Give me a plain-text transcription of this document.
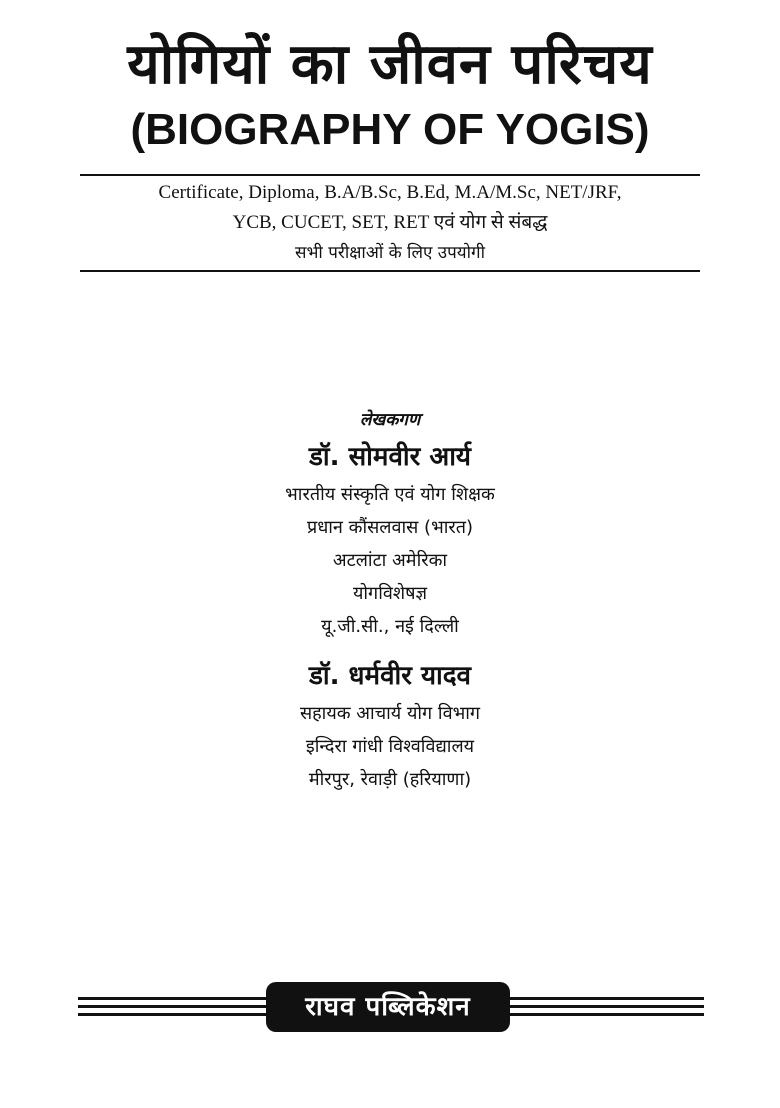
योगियों का जीवन परिचय
(BIOGRAPHY OF YOGIS)
Certificate, Diploma, B.A/B.Sc, B.Ed, M.A/M.Sc, NET/JRF,
YCB, CUCET, SET, RET एवं योग से संबद्ध
सभी परीक्षाओं के लिए उपयोगी
लेखकगण
डॉ. सोमवीर आर्य
भारतीय संस्कृति एवं योग शिक्षक
प्रधान कौंसलवास (भारत)
अटलांटा अमेरिका
योगविशेषज्ञ
यू.जी.सी., नई दिल्ली
डॉ. धर्मवीर यादव
सहायक आचार्य योग विभाग
इन्दिरा गांधी विश्वविद्यालय
मीरपुर, रेवाड़ी (हरियाणा)
राघव पब्लिकेशन
